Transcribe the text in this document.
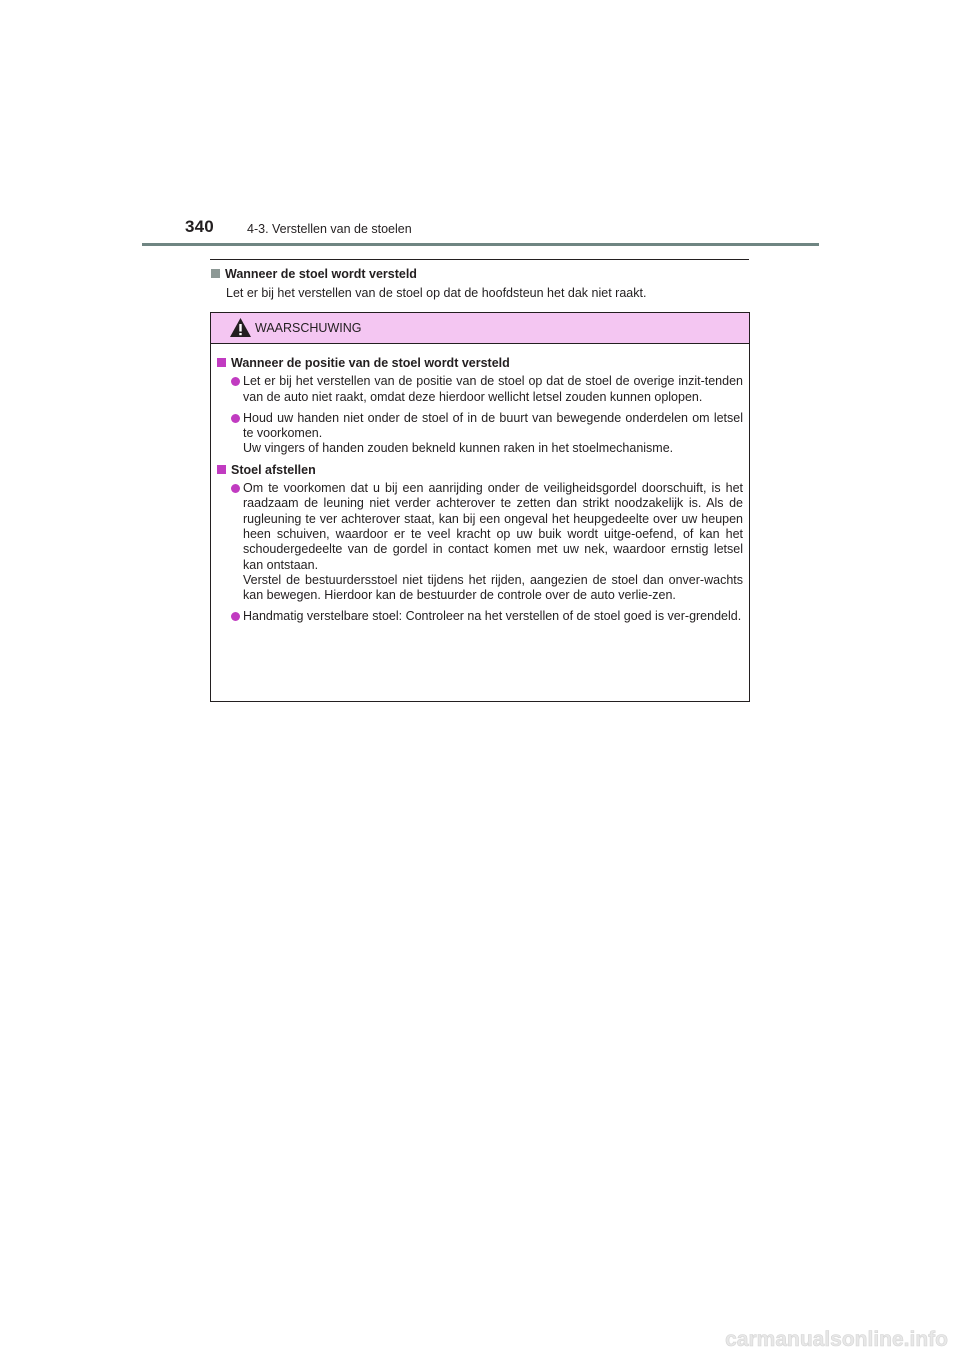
340	4-3. Verstellen van de stoelen
Wanneer de stoel wordt versteld
Let er bij het verstellen van de stoel op dat de hoofdsteun het dak niet raakt.
WAARSCHUWING
Wanneer de positie van de stoel wordt versteld

Let er bij het verstellen van de positie van de stoel op dat de stoel de overige inzit-tenden van de auto niet raakt, omdat deze hierdoor wellicht letsel zouden kunnen oplopen.

Houd uw handen niet onder de stoel of in de buurt van bewegende onderdelen om letsel te voorkomen.

Uw vingers of handen zouden bekneld kunnen raken in het stoelmechanisme.

Stoel afstellen

Om te voorkomen dat u bij een aanrijding onder de veiligheidsgordel doorschuift, is het raadzaam de leuning niet verder achterover te zetten dan strikt noodzakelijk is. Als de rugleuning te ver achterover staat, kan bij een ongeval het heupgedeelte over uw heupen heen schuiven, waardoor er te veel kracht op uw buik wordt uitge-oefend, of kan het schoudergedeelte van de gordel in contact komen met uw nek, waardoor ernstig letsel kan ontstaan.

Verstel de bestuurdersstoel niet tijdens het rijden, aangezien de stoel dan onver-wachts kan bewegen. Hierdoor kan de bestuurder de controle over de auto verlie-zen.

Handmatig verstelbare stoel: Controleer na het verstellen of de stoel goed is ver-grendeld.

carmanualsonline.info
